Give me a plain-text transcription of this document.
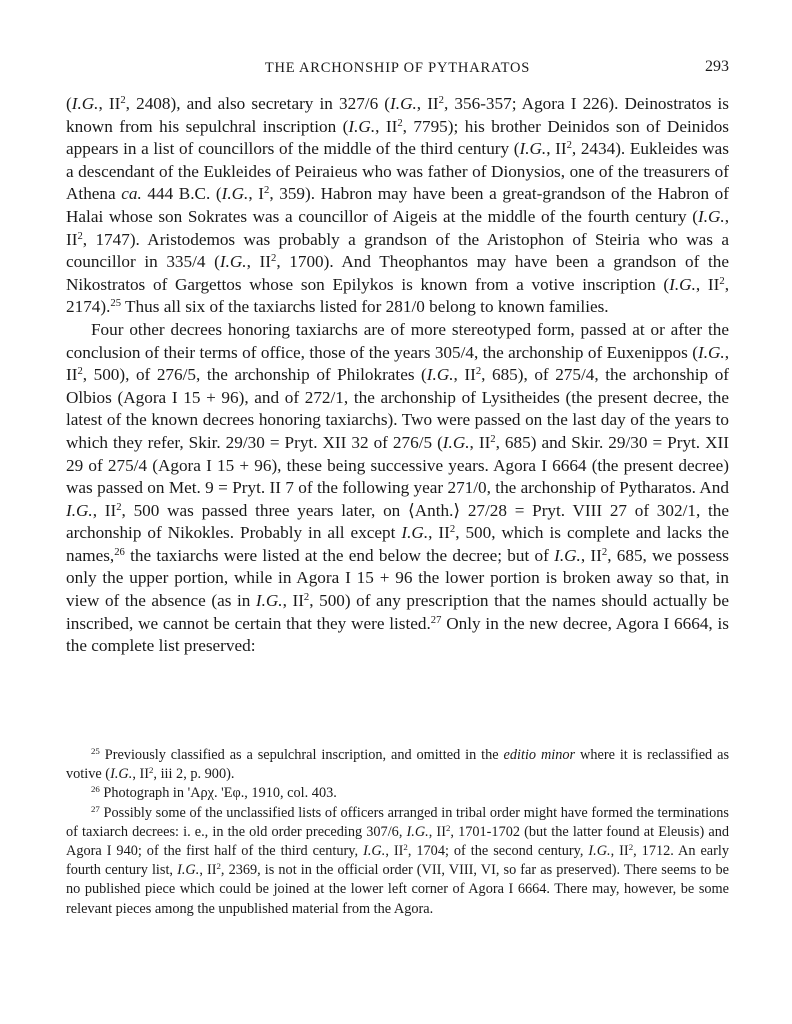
THE ARCHONSHIP OF PYTHARATOS	293

(I.G., $II^2$, 2408), and also secretary in 327/6 (I.G., $II^2$, 356-357; Agora I 226). Deinostratos is known from his sepulchral inscription (I.G., $II^2$, 7795); his brother Deinidos son of Deinidos appears in a list of councillors of the middle of the third century (I.G., $II^2$, 2434). Eukleides was a descendant of the Eukleides of Peiraieus who was father of Dionysios, one of the treasurers of Athena ca. 444 B.C. (I.G., $I^2$, 359). Habron may have been a great-grandson of the Habron of Halai whose son Sokrates was a councillor of Aigeis at the middle of the fourth century (I.G., $II^2$, 1747). Aristodemos was probably a grandson of the Aristophon of Steiria who was a councillor in 335/4 (I.G., $II^2$, 1700). And Theophantos may have been a grandson of the Nikostratos of Gargettos whose son Epilykos is known from a votive inscription (I.G., $II^2$, 2174).$^{25}$ Thus all six of the taxiarchs listed for 281/0 belong to known families.

Four other decrees honoring taxiarchs are of more stereotyped form, passed at or after the conclusion of their terms of office, those of the years 305/4, the archonship of Euxenippos (I.G., $II^2$, 500), of 276/5, the archonship of Philokrates (I.G., $II^2$, 685), of 275/4, the archonship of Olbios (Agora I 15 + 96), and of 272/1, the archonship of Lysitheides (the present decree, the latest of the known decrees honoring taxiarchs). Two were passed on the last day of the years to which they refer, Skir. 29/30 = Pryt. XII 32 of 276/5 (I.G., $II^2$, 685) and Skir. 29/30 = Pryt. XII 29 of 275/4 (Agora I 15 + 96), these being successive years. Agora I 6664 (the present decree) was passed on Met. 9 = Pryt. II 7 of the following year 271/0, the archonship of Pytharatos. And I.G., $II^2$, 500 was passed three years later, on ⟨Anth.⟩ 27/28 = Pryt. VIII 27 of 302/1, the archonship of Nikokles. Probably in all except I.G., $II^2$, 500, which is complete and lacks the names,$^{26}$ the taxiarchs were listed at the end below the decree; but of I.G., $II^2$, 685, we possess only the upper portion, while in Agora I 15 + 96 the lower portion is broken away so that, in view of the absence (as in I.G., $II^2$, 500) of any prescription that the names should actually be inscribed, we cannot be certain that they were listed.$^{27}$ Only in the new decree, Agora I 6664, is the complete list preserved:

$^{25}$ Previously classified as a sepulchral inscription, and omitted in the editio minor where it is reclassified as votive (I.G., $II^2$, iii 2, p. 900).

$^{26}$ Photograph in 'Αρχ. 'Εφ., 1910, col. 403.

$^{27}$ Possibly some of the unclassified lists of officers arranged in tribal order might have formed the terminations of taxiarch decrees: i. e., in the old order preceding 307/6, I.G., $II^2$, 1701-1702 (but the latter found at Eleusis) and Agora I 940; of the first half of the third century, I.G., $II^2$, 1704; of the second century, I.G., $II^2$, 1712. An early fourth century list, I.G., $II^2$, 2369, is not in the official order (VII, VIII, VI, so far as preserved). There seems to be no published piece which could be joined at the lower left corner of Agora I 6664. There may, however, be some relevant pieces among the unpublished material from the Agora.
